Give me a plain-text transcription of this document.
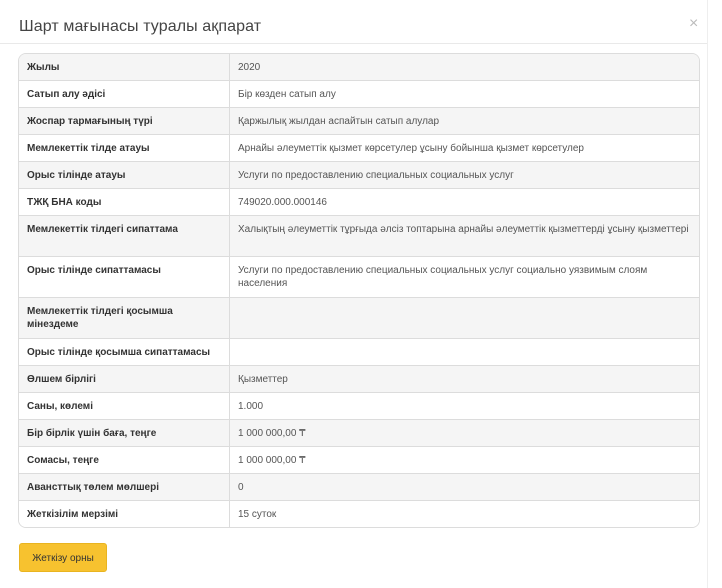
Шарт мағынасы туралы ақпарат	×
Жылы	2020
Сатып алу әдісі	Бір көзден сатып алу
Жоспар тармағының түрі	Қаржылық жылдан аспайтын сатып алулар
Мемлекеттік тілде атауы	Арнайы әлеуметтік қызмет көрсетулер ұсыну бойынша қызмет көрсетулер
Орыс тілінде атауы	Услуги по предоставлению специальных социальных услуг
ТЖҚ БНА коды	749020.000.000146
Мемлекеттік тілдегі сипаттама	Халықтың әлеуметтік тұрғыда әлсіз топтарына арнайы әлеуметтік қызметтерді ұсыну қызметтері
Орыс тілінде сипаттамасы	Услуги по предоставлению специальных социальных услуг социально уязвимым слоям населения
Мемлекеттік тілдегі қосымша мінездеме	
Орыс тілінде қосымша сипаттамасы	
Өлшем бірлігі	Қызметтер
Саны, көлемі	1.000
Бір бірлік үшін баға, теңге	1 000 000,00 ₸
Сомасы, теңге	1 000 000,00 ₸
Авансттық төлем мөлшері	0
Жеткізілім мерзімі	15 суток
Жеткізу орны
